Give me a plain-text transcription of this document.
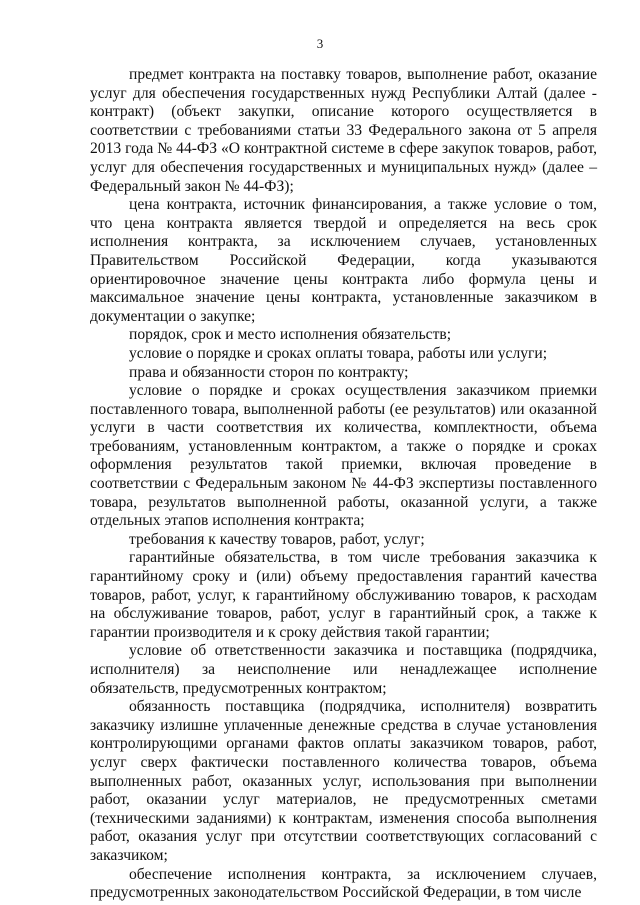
3

предмет контракта на поставку товаров, выполнение работ, оказание услуг для обеспечения государственных нужд Республики Алтай (далее - контракт) (объект закупки, описание которого осуществляется в соответствии с требованиями статьи 33 Федерального закона от 5 апреля 2013 года № 44-ФЗ «О контрактной системе в сфере закупок товаров, работ, услуг для обеспечения государственных и муниципальных нужд» (далее – Федеральный закон № 44-ФЗ);

цена контракта, источник финансирования, а также условие о том, что цена контракта является твердой и определяется на весь срок исполнения контракта, за исключением случаев, установленных Правительством Российской Федерации, когда указываются ориентировочное значение цены контракта либо формула цены и максимальное значение цены контракта, установленные заказчиком в документации о закупке;

порядок, срок и место исполнения обязательств;

условие о порядке и сроках оплаты товара, работы или услуги;

права и обязанности сторон по контракту;

условие о порядке и сроках осуществления заказчиком приемки поставленного товара, выполненной работы (ее результатов) или оказанной услуги в части соответствия их количества, комплектности, объема требованиям, установленным контрактом, а также о порядке и сроках оформления результатов такой приемки, включая проведение в соответствии с Федеральным законом № 44-ФЗ экспертизы поставленного товара, результатов выполненной работы, оказанной услуги, а также отдельных этапов исполнения контракта;

требования к качеству товаров, работ, услуг;

гарантийные обязательства, в том числе требования заказчика к гарантийному сроку и (или) объему предоставления гарантий качества товаров, работ, услуг, к гарантийному обслуживанию товаров, к расходам на обслуживание товаров, работ, услуг в гарантийный срок, а также к гарантии производителя и к сроку действия такой гарантии;

условие об ответственности заказчика и поставщика (подрядчика, исполнителя) за неисполнение или ненадлежащее исполнение обязательств, предусмотренных контрактом;

обязанность поставщика (подрядчика, исполнителя) возвратить заказчику излишне уплаченные денежные средства в случае установления контролирующими органами фактов оплаты заказчиком товаров, работ, услуг сверх фактически поставленного количества товаров, объема выполненных работ, оказанных услуг, использования при выполнении работ, оказании услуг материалов, не предусмотренных сметами (техническими заданиями) к контрактам, изменения способа выполнения работ, оказания услуг при отсутствии соответствующих согласований с заказчиком;

обеспечение исполнения контракта, за исключением случаев, предусмотренных законодательством Российской Федерации, в том числе
